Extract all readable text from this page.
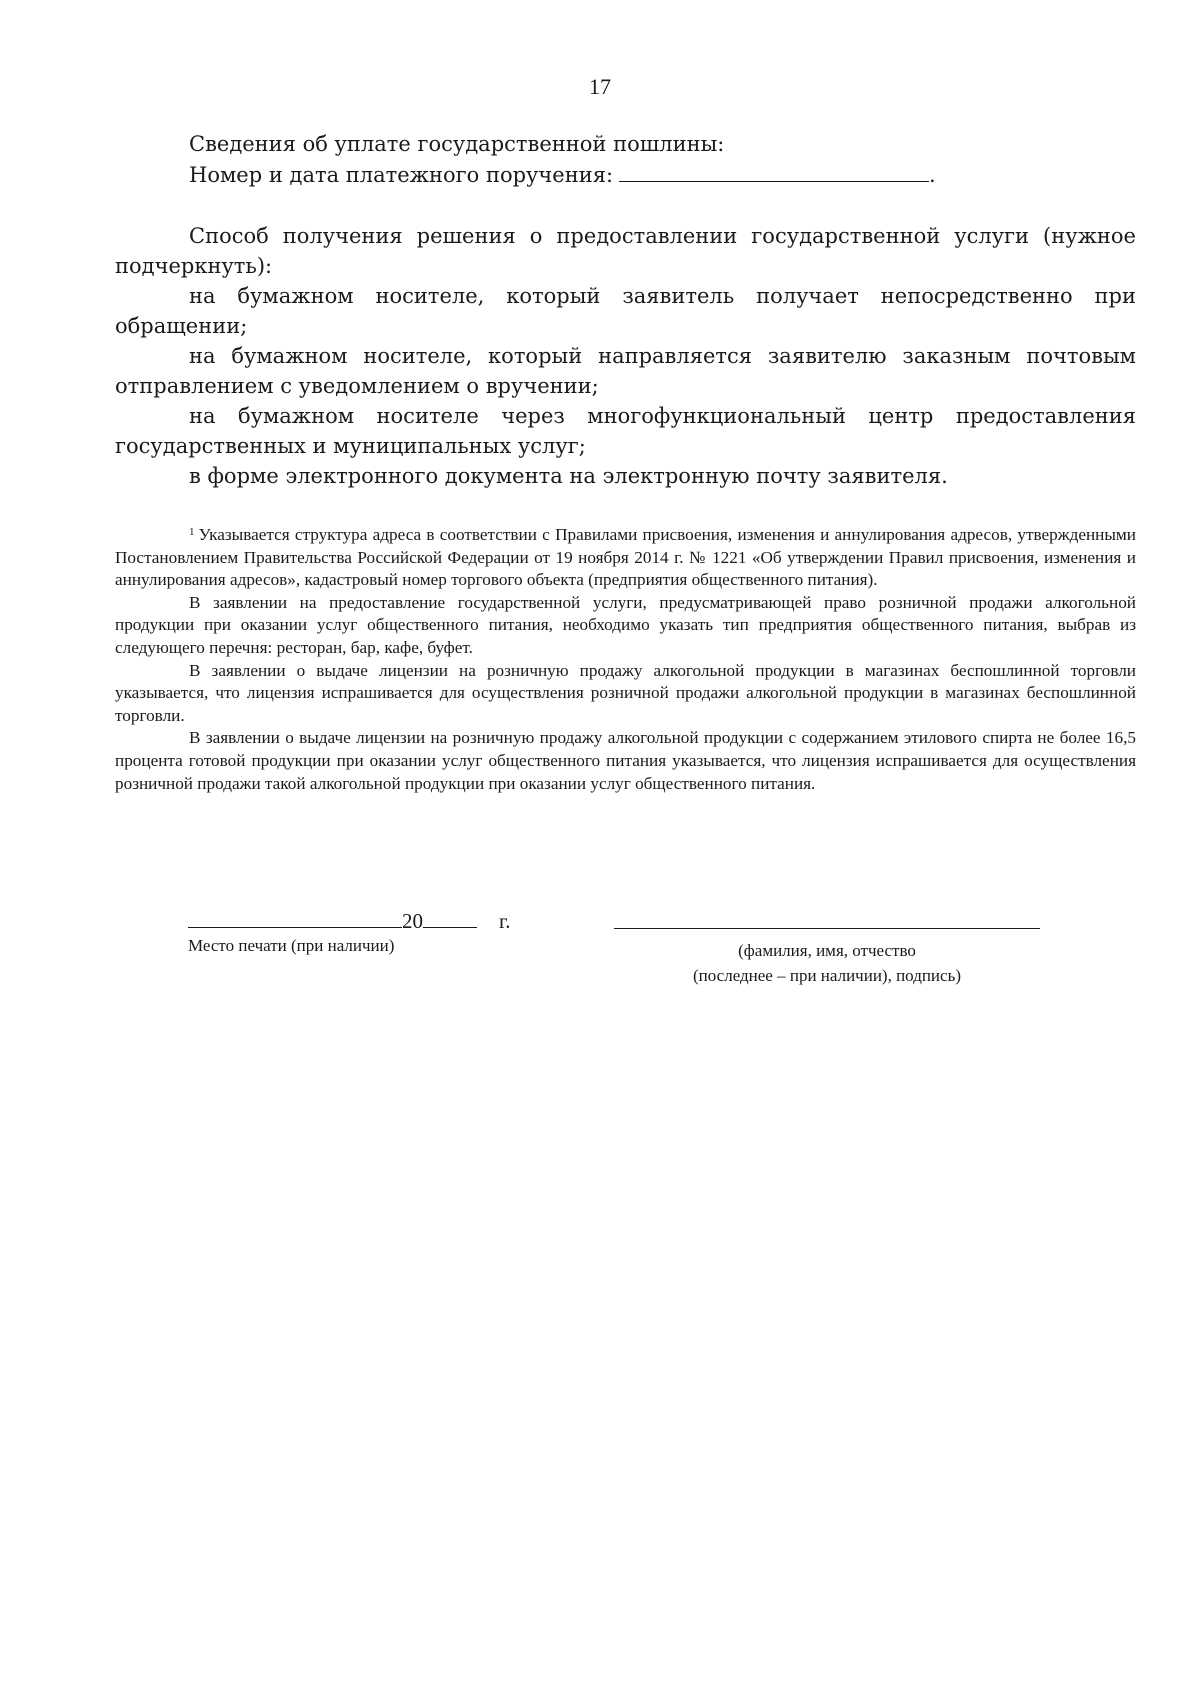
17

Сведения об уплате государственной пошлины:

Номер и дата платежного поручения:	.

Способ получения решения о предоставлении государственной услуги (нужное подчеркнуть):

на бумажном носителе, который заявитель получает непосредственно при обращении;

на бумажном носителе, который направляется заявителю заказным почтовым отправлением с уведомлением о вручении;

на бумажном носителе через многофункциональный центр предоставления государственных и муниципальных услуг;

в форме электронного документа на электронную почту заявителя.

$^1$ Указывается структура адреса в соответствии с Правилами присвоения, изменения и аннулирования адресов, утвержденными Постановлением Правительства Российской Федерации от 19 ноября 2014 г. № 1221 «Об утверждении Правил присвоения, изменения и аннулирования адресов», кадастровый номер торгового объекта (предприятия общественного питания).

В заявлении на предоставление государственной услуги, предусматривающей право розничной продажи алкогольной продукции при оказании услуг общественного питания, необходимо указать тип предприятия общественного питания, выбрав из следующего перечня: ресторан, бар, кафе, буфет.

В заявлении о выдаче лицензии на розничную продажу алкогольной продукции в магазинах беспошлинной торговли указывается, что лицензия испрашивается для осуществления розничной продажи алкогольной продукции в магазинах беспошлинной торговли.

В заявлении о выдаче лицензии на розничную продажу алкогольной продукции с содержанием этилового спирта не более 16,5 процента готовой продукции при оказании услуг общественного питания указывается, что лицензия испрашивается для осуществления розничной продажи такой алкогольной продукции при оказании услуг общественного питания.

20	г.
Место печати (при наличии)	(фамилия, имя, отчество
(последнее – при наличии), подпись)
